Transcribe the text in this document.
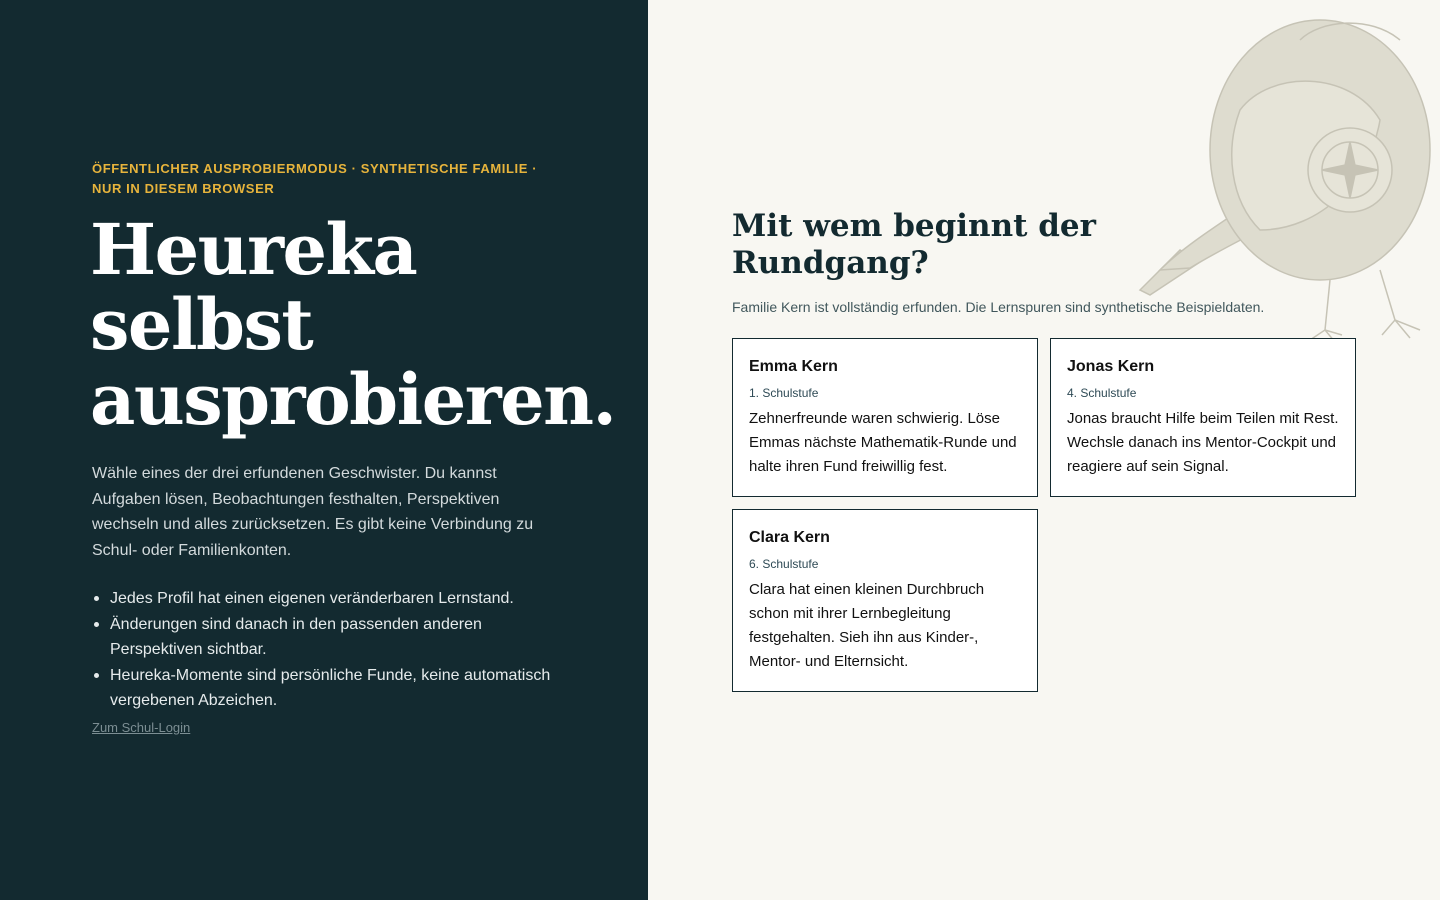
ÖFFENTLICHER AUSPROBIERMODUS · SYNTHETISCHE FAMILIE · NUR IN DIESEM BROWSER
Heureka
selbst
ausprobieren.

Wähle eines der drei erfundenen Geschwister. Du kannst Aufgaben lösen, Beobachtungen festhalten, Perspektiven wechseln und alles zurücksetzen. Es gibt keine Verbindung zu Schul- oder Familienkonten.

Jedes Profil hat einen eigenen veränderbaren Lernstand.
Änderungen sind danach in den passenden anderen Perspektiven sichtbar.
Heureka-Momente sind persönliche Funde, keine automatisch vergebenen Abzeichen.
Zum Schul-Login
Mit wem beginnt der Rundgang?

Familie Kern ist vollständig erfunden. Die Lernspuren sind synthetische Beispieldaten.

Emma Kern
1. Schulstufe
Zehnerfreunde waren schwierig. Löse Emmas nächste Mathematik-Runde und halte ihren Fund freiwillig fest.
Jonas Kern
4. Schulstufe
Jonas braucht Hilfe beim Teilen mit Rest. Wechsle danach ins Mentor-Cockpit und reagiere auf sein Signal.
Clara Kern
6. Schulstufe
Clara hat einen kleinen Durchbruch schon mit ihrer Lernbegleitung festgehalten. Sieh ihn aus Kinder-, Mentor- und Elternsicht.
